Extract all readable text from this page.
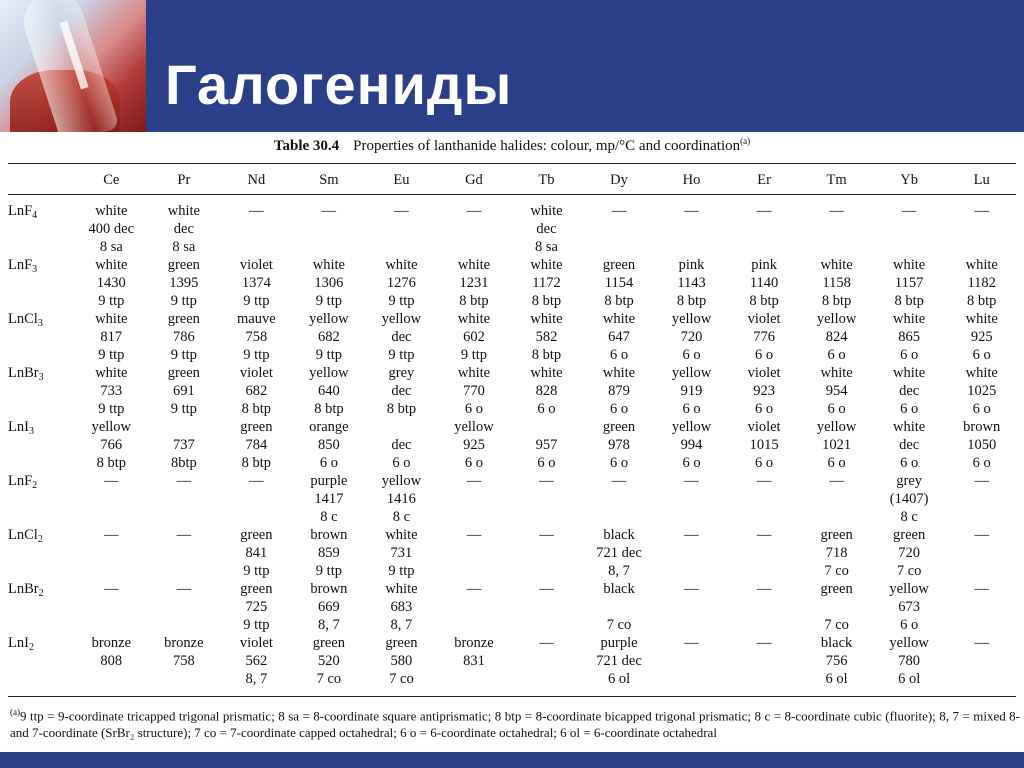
Галогениды
Table 30.4 Properties of lanthanide halides: colour, mp/°C and coordination$^{(a)}$
	Ce	Pr	Nd	Sm	Eu	Gd	Tb	Dy	Ho	Er	Tm	Yb	Lu

LnF$_4$	white	white	—	—	—	—	white	—	—	—	—	—	—
	400 dec	dec					dec						
	8 sa	8 sa					8 sa						
LnF$_3$	white	green	violet	white	white	white	white	green	pink	pink	white	white	white
	1430	1395	1374	1306	1276	1231	1172	1154	1143	1140	1158	1157	1182
	9 ttp	9 ttp	9 ttp	9 ttp	9 ttp	8 btp	8 btp	8 btp	8 btp	8 btp	8 btp	8 btp	8 btp
LnCl$_3$	white	green	mauve	yellow	yellow	white	white	white	yellow	violet	yellow	white	white
	817	786	758	682	dec	602	582	647	720	776	824	865	925
	9 ttp	9 ttp	9 ttp	9 ttp	9 ttp	9 ttp	8 btp	6 o	6 o	6 o	6 o	6 o	6 o
LnBr$_3$	white	green	violet	yellow	grey	white	white	white	yellow	violet	white	white	white
	733	691	682	640	dec	770	828	879	919	923	954	dec	1025
	9 ttp	9 ttp	8 btp	8 btp	8 btp	6 o	6 o	6 o	6 o	6 o	6 o	6 o	6 o
LnI$_3$	yellow		green	orange		yellow		green	yellow	violet	yellow	white	brown
	766	737	784	850	dec	925	957	978	994	1015	1021	dec	1050
	8 btp	8btp	8 btp	6 o	6 o	6 o	6 o	6 o	6 o	6 o	6 o	6 o	6 o
LnF$_2$	—	—	—	purple	yellow	—	—	—	—	—	—	grey	—
				1417	1416							(1407)	
				8 c	8 c							8 c	
LnCl$_2$	—	—	green	brown	white	—	—	black	—	—	green	green	—
			841	859	731			721 dec			718	720	
			9 ttp	9 ttp	9 ttp			8, 7			7 co	7 co	
LnBr$_2$	—	—	green	brown	white	—	—	black	—	—	green	yellow	—
			725	669	683							673	
			9 ttp	8, 7	8, 7			7 co			7 co	6 o	
LnI$_2$	bronze	bronze	violet	green	green	bronze	—	purple	—	—	black	yellow	—
	808	758	562	520	580	831		721 dec			756	780	
			8, 7	7 co	7 co			6 ol			6 ol	6 ol	
$^{(a)}$9 ttp = 9-coordinate tricapped trigonal prismatic; 8 sa = 8-coordinate square antiprismatic; 8 btp = 8-coordinate bicapped trigonal prismatic; 8 c = 8-coordinate cubic (fluorite); 8, 7 = mixed 8- and 7-coordinate (SrBr₂ structure); 7 co = 7-coordinate capped octahedral; 6 o = 6-coordinate octahedral; 6 ol = 6-coordinate octahedral
